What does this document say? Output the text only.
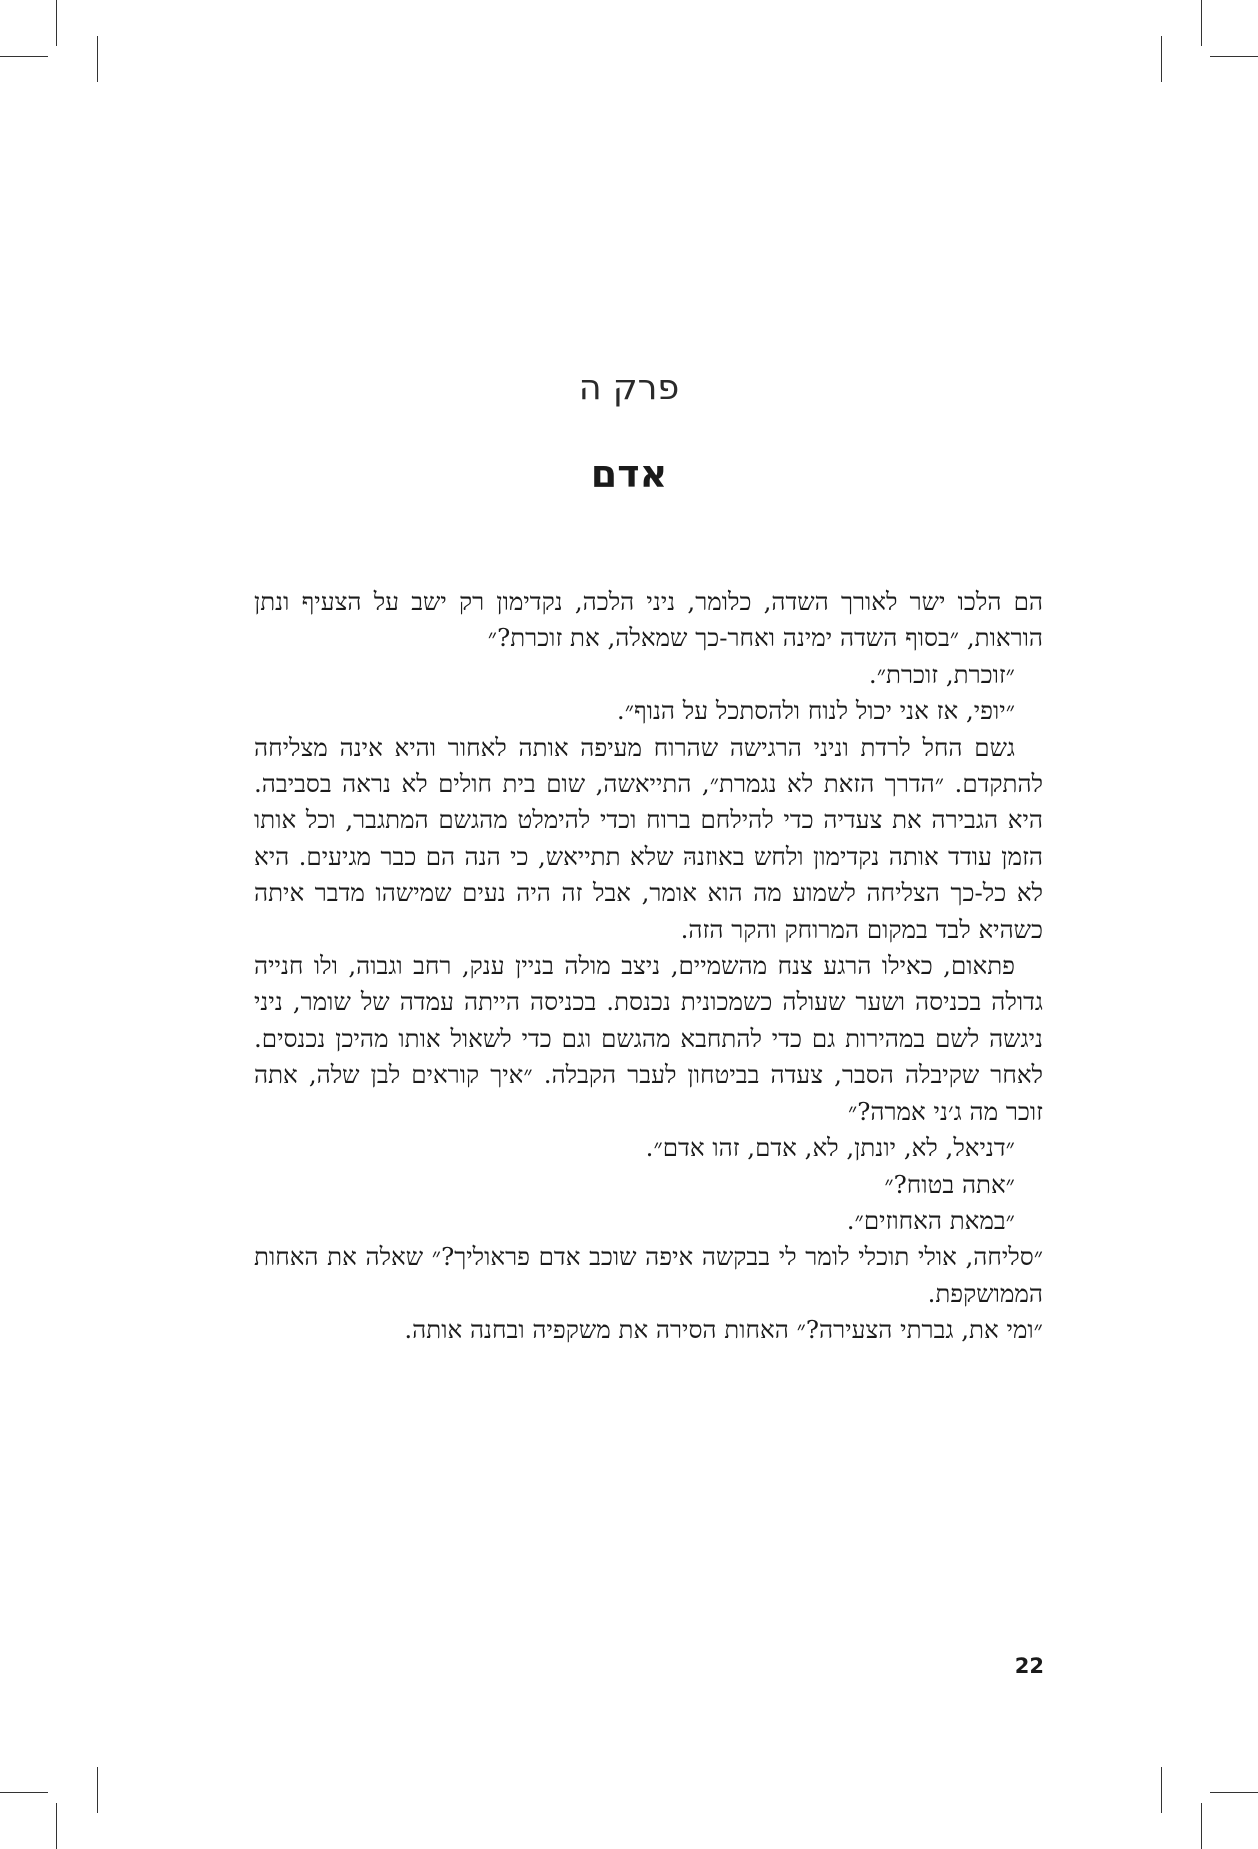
פרק ה
אדם

הם הלכו ישר לאורך השדה, כלומר, ניני הלכה, נקדימון רק ישב על הצעיף ונתן הוראות, ״בסוף השדה ימינה ואחר-כך שמאלה, את זוכרת?״

״זוכרת, זוכרת״.

״יופי, אז אני יכול לנוח ולהסתכל על הנוף״.

גשם החל לרדת וניני הרגישה שהרוח מעיפה אותה לאחור והיא אינה מצליחה להתקדם. ״הדרך הזאת לא נגמרת״, התייאשה, שום בית חולים לא נראה בסביבה. היא הגבירה את צעדיה כדי להילחם ברוח וכדי להימלט מהגשם המתגבר, וכל אותו הזמן עודד אותה נקדימון ולחש באוזנהּ שלא תתייאש, כי הנה הם כבר מגיעים. היא לא כל-כך הצליחה לשמוע מה הוא אומר, אבל זה היה נעים שמישהו מדבר איתה כשהיא לבד במקום המרוחק והקר הזה.

פתאום, כאילו הרגע צנח מהשמיים, ניצב מולה בניין ענק, רחב וגבוה, ולו חנייה גדולה בכניסה ושער שעולה כשמכונית נכנסת. בכניסה הייתה עמדה של שומר, ניני ניגשה לשם במהירות גם כדי להתחבא מהגשם וגם כדי לשאול אותו מהיכן נכנסים. לאחר שקיבלה הסבר, צעדה בביטחון לעבר הקבלה. ״איך קוראים לבן שלה, אתה זוכר מה ג׳ני אמרה?״

״דניאל, לא, יונתן, לא, אדם, זהו אדם״.

״אתה בטוח?״

״במאת האחוזים״.

״סליחה, אולי תוכלי לומר לי בבקשה איפה שוכב אדם פראוליך?״ שאלה את האחות הממושקפת.

״ומי את, גברתי הצעירה?״ האחות הסירה את משקפיה ובחנה אותה.

22
